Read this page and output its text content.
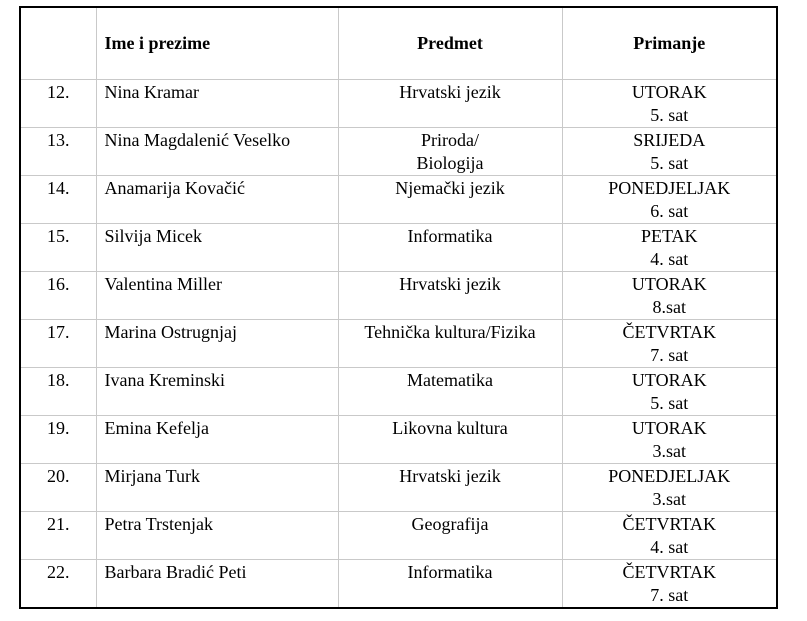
	Ime i prezime	Predmet	Primanje
12.	Nina Kramar	Hrvatski jezik	UTORAK
5. sat

13.	Nina Magdalenić Veselko	Priroda/
Biologija	SRIJEDA
5. sat

14.	Anamarija Kovačić	Njemački jezik	PONEDJELJAK
6. sat

15.	Silvija Micek	Informatika	PETAK
4. sat

16.	Valentina Miller	Hrvatski jezik	UTORAK
8.sat

17.	Marina Ostrugnjaj	Tehnička kultura/Fizika	ČETVRTAK
7. sat

18.	Ivana Kreminski	Matematika	UTORAK
5. sat

19.	Emina Kefelja	Likovna kultura	UTORAK
3.sat

20.	Mirjana Turk	Hrvatski jezik	PONEDJELJAK
3.sat

21.	Petra Trstenjak	Geografija	ČETVRTAK
4. sat

22.	Barbara Bradić Peti	Informatika	ČETVRTAK
7. sat
